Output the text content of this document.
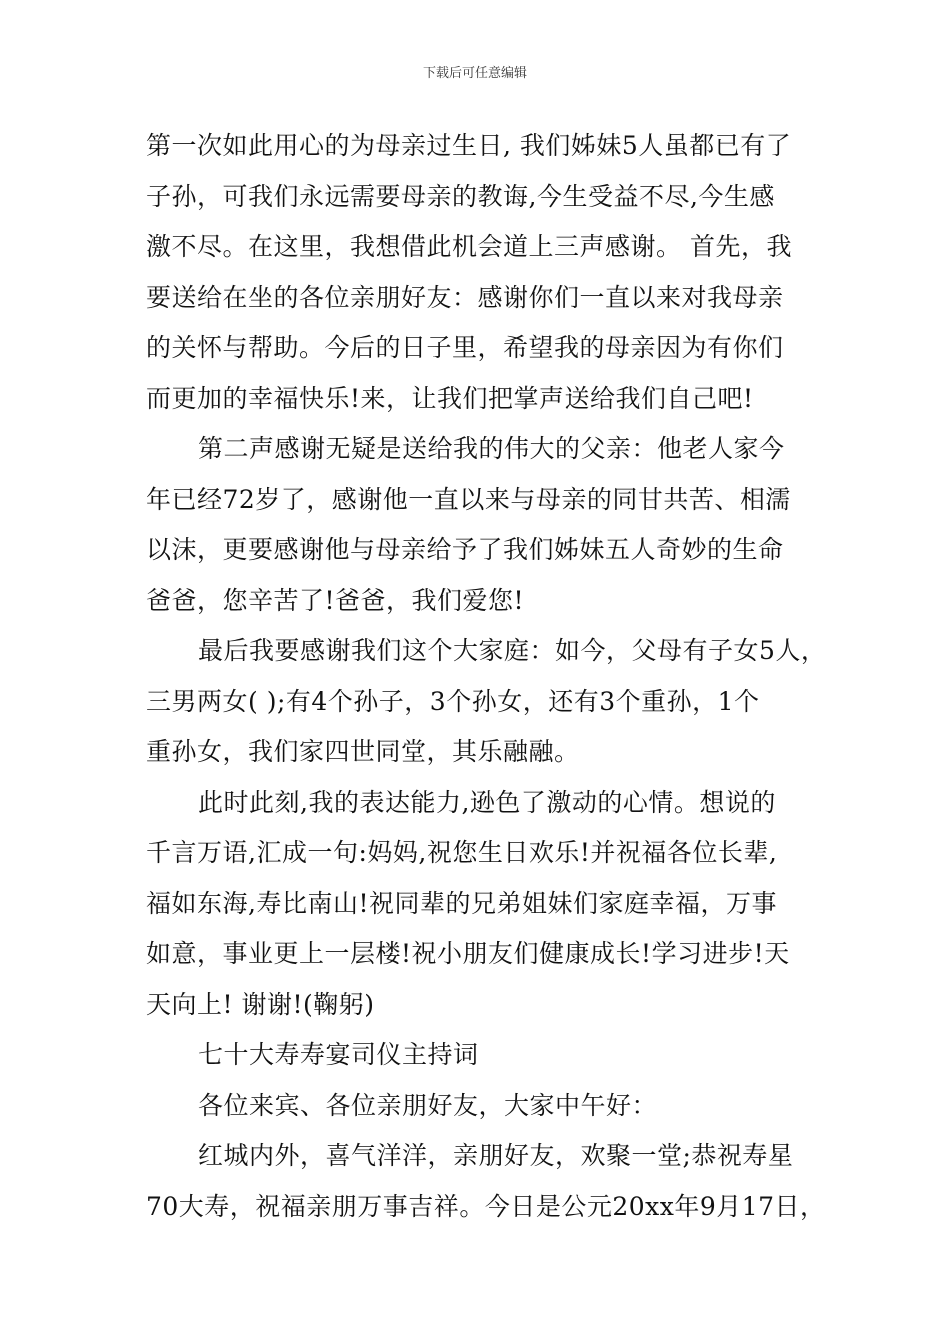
下载后可任意编辑
第一次如此用心的为母亲过生日, 我们姊妹5人虽都已有了
子孙，可我们永远需要母亲的教诲,今生受益不尽,今生感
激不尽。在这里，我想借此机会道上三声感谢。 首先，我
要送给在坐的各位亲朋好友：感谢你们一直以来对我母亲
的关怀与帮助。今后的日子里，希望我的母亲因为有你们
而更加的幸福快乐!来，让我们把掌声送给我们自己吧!
第二声感谢无疑是送给我的伟大的父亲：他老人家今
年已经72岁了，感谢他一直以来与母亲的同甘共苦、相濡
以沫，更要感谢他与母亲给予了我们姊妹五人奇妙的生命
爸爸，您辛苦了!爸爸，我们爱您!
最后我要感谢我们这个大家庭：如今，父母有子女5人，
三男两女( );有4个孙子，3个孙女，还有3个重孙，1个
重孙女，我们家四世同堂，其乐融融。
此时此刻,我的表达能力,逊色了激动的心情。想说的
千言万语,汇成一句:妈妈,祝您生日欢乐!并祝福各位长辈,
福如东海,寿比南山!祝同辈的兄弟姐妹们家庭幸福，万事
如意，事业更上一层楼!祝小朋友们健康成长!学习进步!天
天向上! 谢谢!(鞠躬)
七十大寿寿宴司仪主持词
各位来宾、各位亲朋好友，大家中午好：
红城内外，喜气洋洋，亲朋好友，欢聚一堂;恭祝寿星
70大寿，祝福亲朋万事吉祥。今日是公元20xx年9月17日，
